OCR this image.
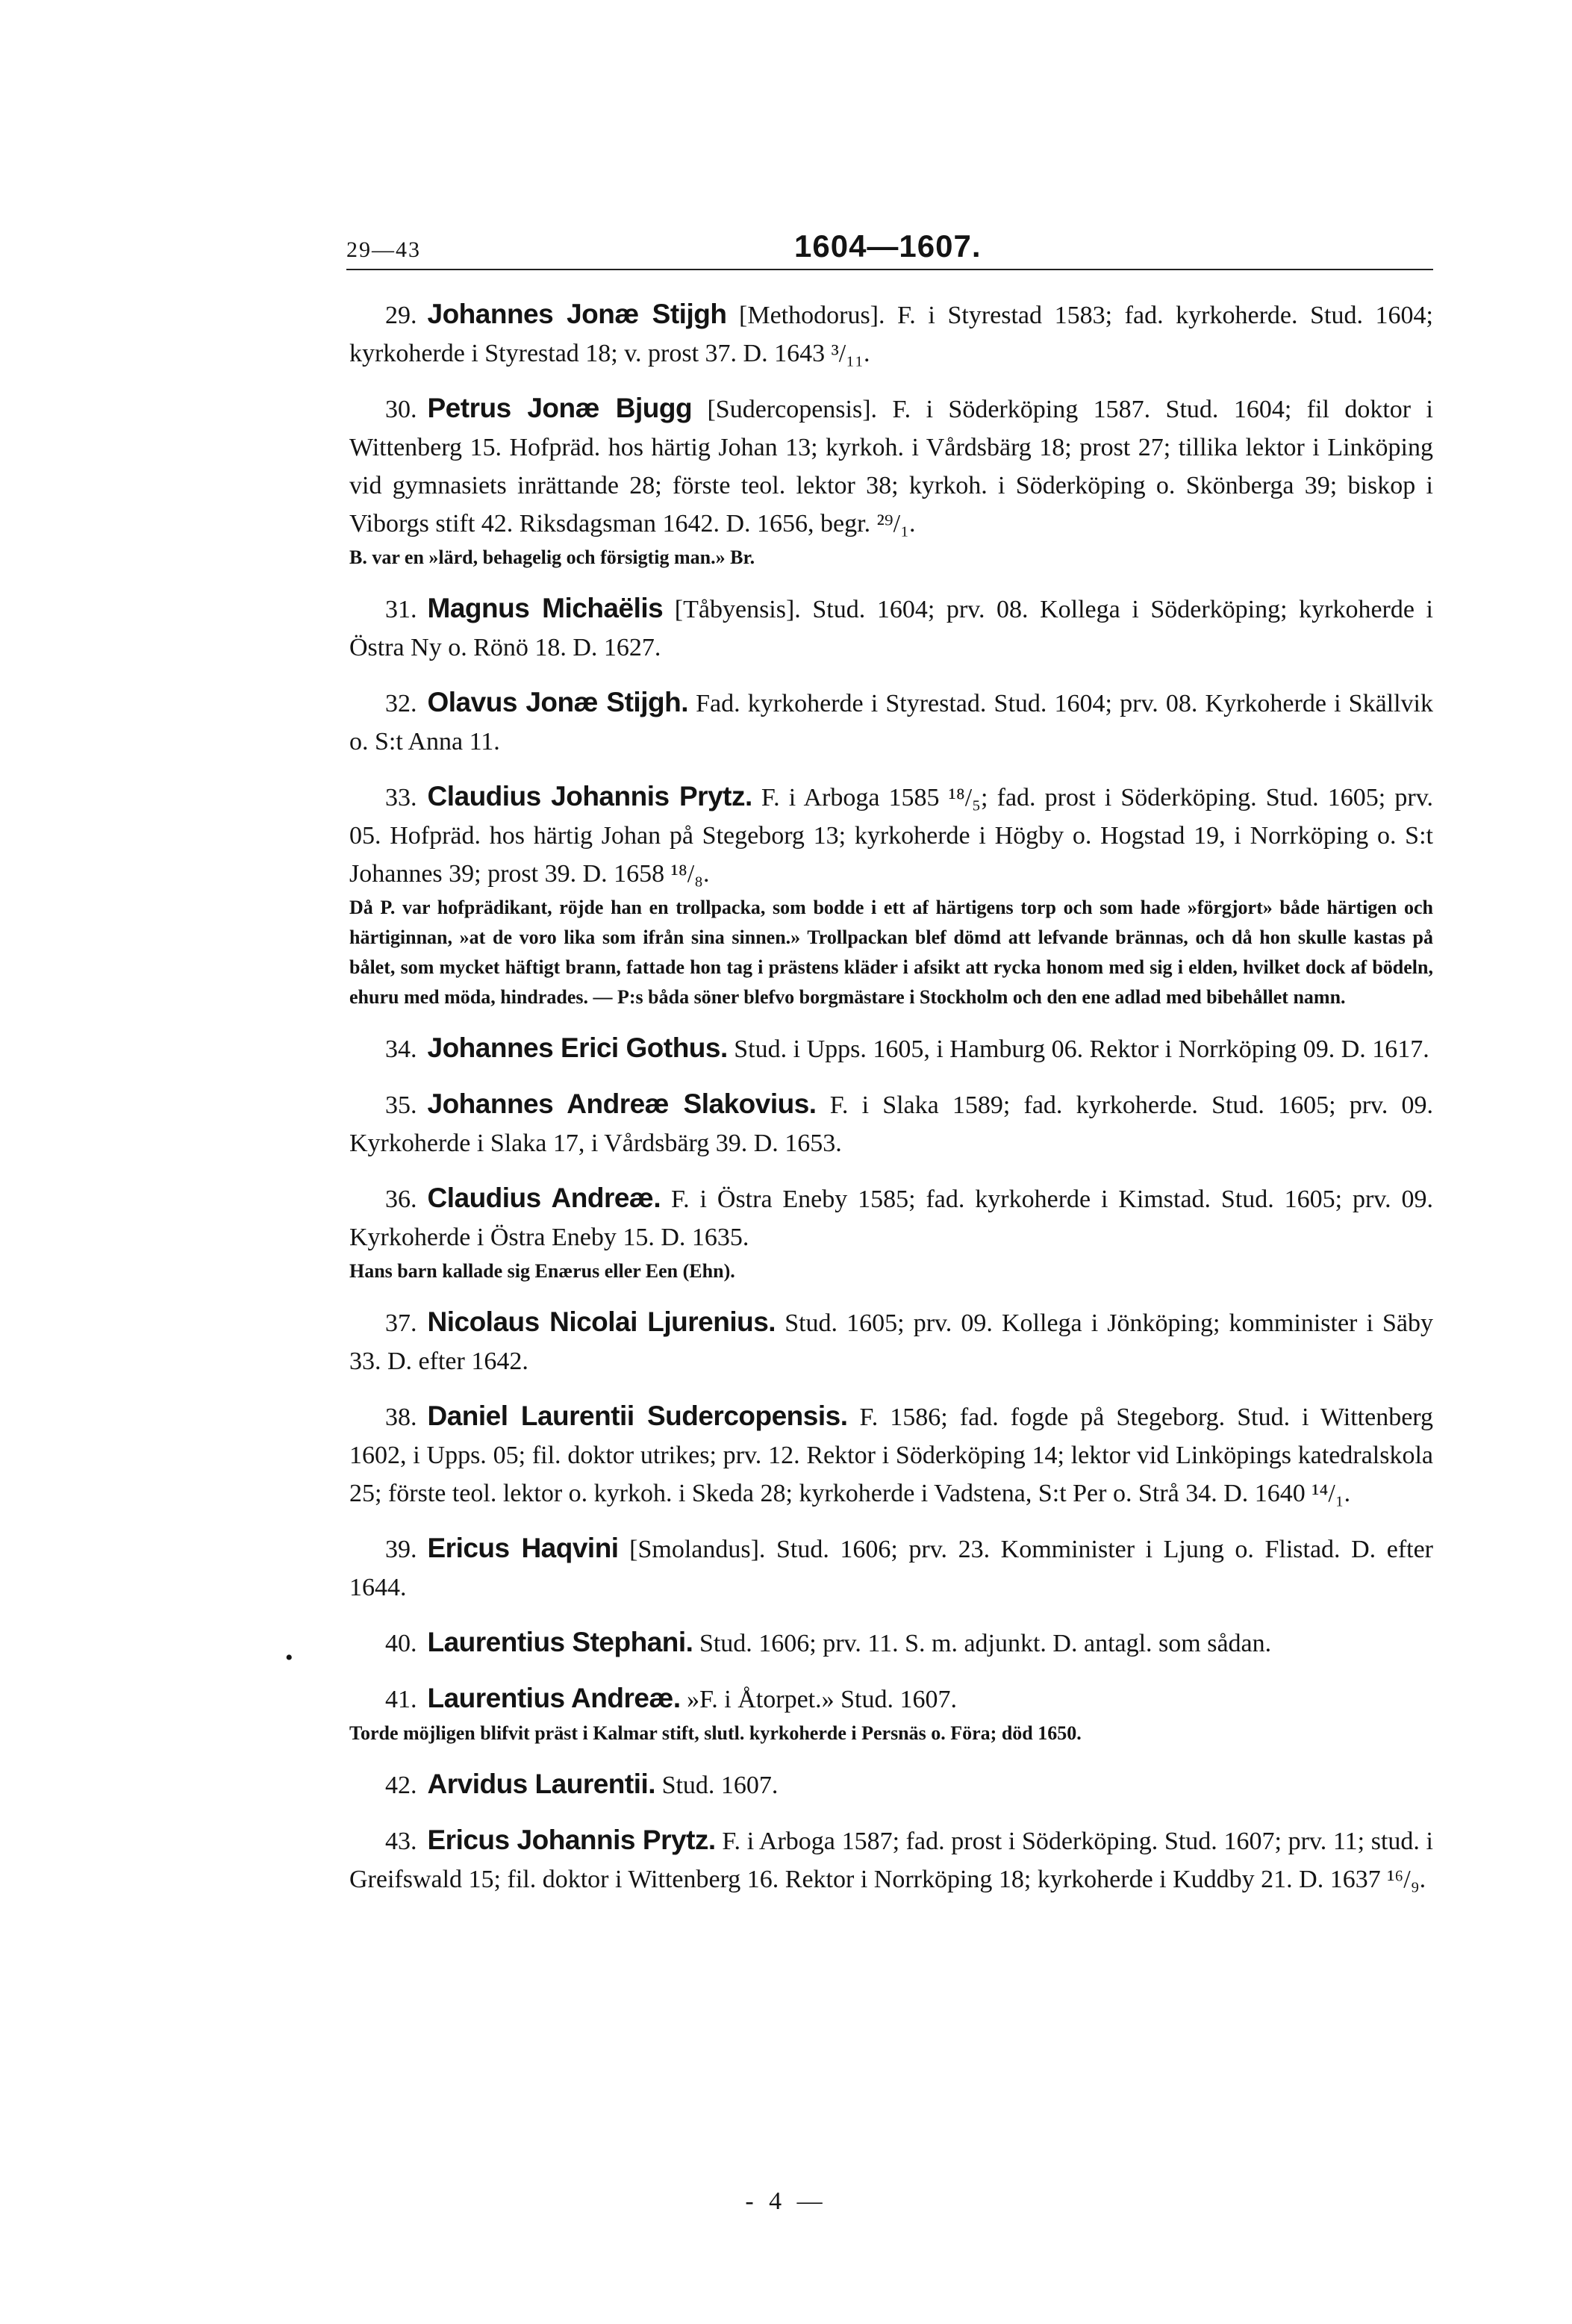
29—43	1604—1607.

29. Johannes Jonæ Stijgh [Methodorus]. F. i Styrestad 1583; fad. kyrkoherde. Stud. 1604; kyrkoherde i Styrestad 18; v. prost 37. D. 1643 ³/₁₁.

30. Petrus Jonæ Bjugg [Sudercopensis]. F. i Söderköping 1587. Stud. 1604; fil doktor i Wittenberg 15. Hofpräd. hos härtig Johan 13; kyrkoh. i Vårdsbärg 18; prost 27; tillika lektor i Linköping vid gymnasiets inrättande 28; förste teol. lektor 38; kyrkoh. i Söderköping o. Skönberga 39; biskop i Viborgs stift 42. Riksdagsman 1642. D. 1656, begr. ²⁹/₁.

B. var en »lärd, behagelig och försigtig man.» Br.

31. Magnus Michaëlis [Tåbyensis]. Stud. 1604; prv. 08. Kollega i Söderköping; kyrkoherde i Östra Ny o. Rönö 18. D. 1627.

32. Olavus Jonæ Stijgh. Fad. kyrkoherde i Styrestad. Stud. 1604; prv. 08. Kyrkoherde i Skällvik o. S:t Anna 11.

33. Claudius Johannis Prytz. F. i Arboga 1585 ¹⁸/₅; fad. prost i Söderköping. Stud. 1605; prv. 05. Hofpräd. hos härtig Johan på Stegeborg 13; kyrkoherde i Högby o. Hogstad 19, i Norrköping o. S:t Johannes 39; prost 39. D. 1658 ¹⁸/₈.

Då P. var hofprädikant, röjde han en trollpacka, som bodde i ett af härtigens torp och som hade »förgjort» både härtigen och härtiginnan, »at de voro lika som ifrån sina sinnen.» Trollpackan blef dömd att lefvande brännas, och då hon skulle kastas på bålet, som mycket häftigt brann, fattade hon tag i prästens kläder i afsikt att rycka honom med sig i elden, hvilket dock af bödeln, ehuru med möda, hindrades. — P:s båda söner blefvo borgmästare i Stockholm och den ene adlad med bibehållet namn.

34. Johannes Erici Gothus. Stud. i Upps. 1605, i Hamburg 06. Rektor i Norrköping 09. D. 1617.

35. Johannes Andreæ Slakovius. F. i Slaka 1589; fad. kyrkoherde. Stud. 1605; prv. 09. Kyrkoherde i Slaka 17, i Vårdsbärg 39. D. 1653.

36. Claudius Andreæ. F. i Östra Eneby 1585; fad. kyrkoherde i Kimstad. Stud. 1605; prv. 09. Kyrkoherde i Östra Eneby 15. D. 1635.

Hans barn kallade sig Enærus eller Een (Ehn).

37. Nicolaus Nicolai Ljurenius. Stud. 1605; prv. 09. Kollega i Jönköping; komminister i Säby 33. D. efter 1642.

38. Daniel Laurentii Sudercopensis. F. 1586; fad. fogde på Stegeborg. Stud. i Wittenberg 1602, i Upps. 05; fil. doktor utrikes; prv. 12. Rektor i Söderköping 14; lektor vid Linköpings katedralskola 25; förste teol. lektor o. kyrkoh. i Skeda 28; kyrkoherde i Vadstena, S:t Per o. Strå 34. D. 1640 ¹⁴/₁.

39. Ericus Haqvini [Smolandus]. Stud. 1606; prv. 23. Komminister i Ljung o. Flistad. D. efter 1644.

40. Laurentius Stephani. Stud. 1606; prv. 11. S. m. adjunkt. D. antagl. som sådan.

41. Laurentius Andreæ. »F. i Åtorpet.» Stud. 1607.

Torde möjligen blifvit präst i Kalmar stift, slutl. kyrkoherde i Persnäs o. Föra; död 1650.

42. Arvidus Laurentii. Stud. 1607.

43. Ericus Johannis Prytz. F. i Arboga 1587; fad. prost i Söderköping. Stud. 1607; prv. 11; stud. i Greifswald 15; fil. doktor i Wittenberg 16. Rektor i Norrköping 18; kyrkoherde i Kuddby 21. D. 1637 ¹⁶/₉.

•
- 4 —
